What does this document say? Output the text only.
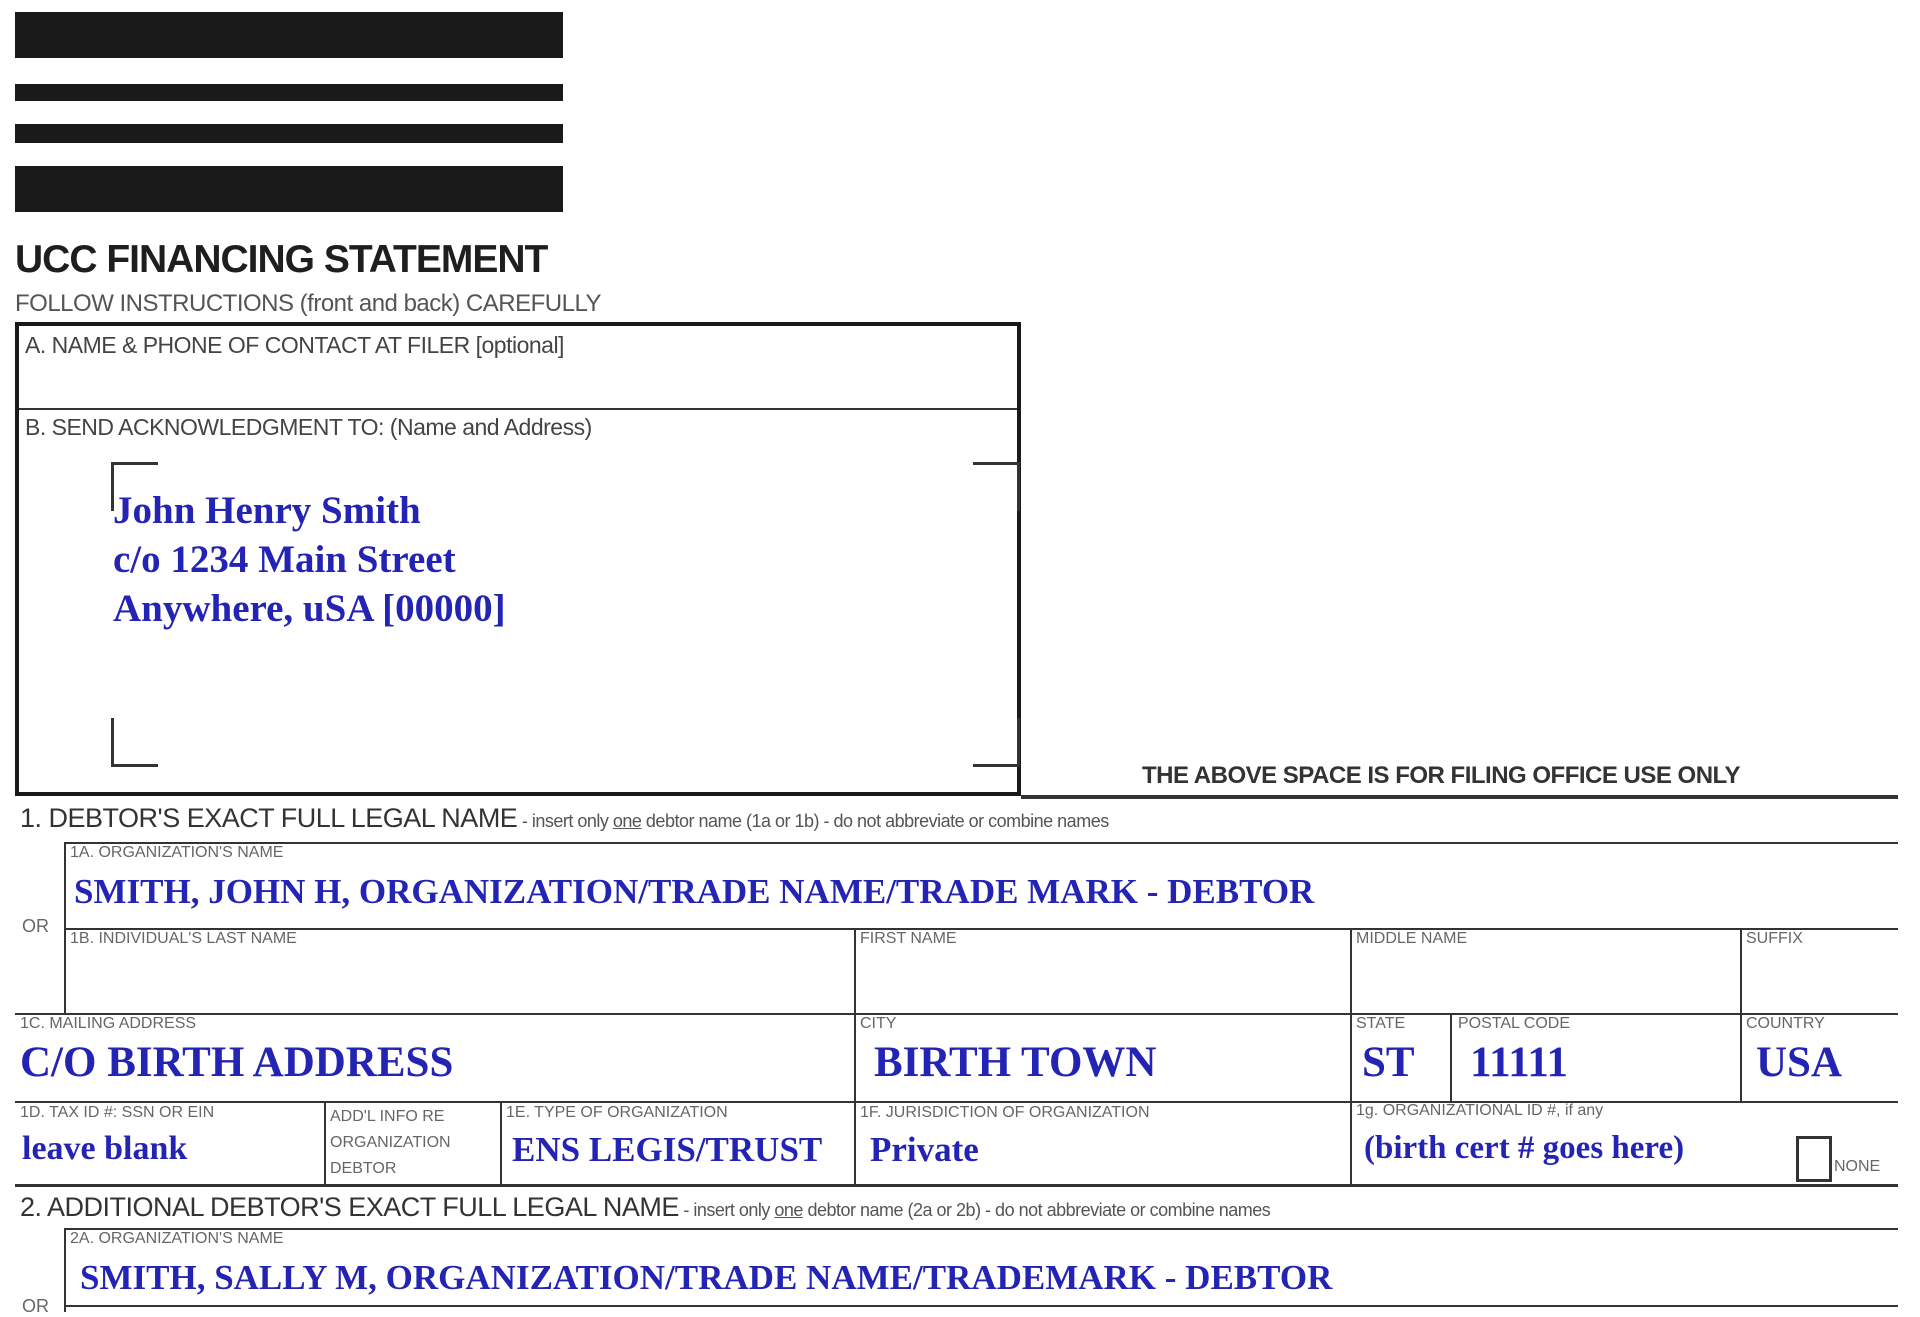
UCC FINANCING STATEMENT
FOLLOW INSTRUCTIONS (front and back) CAREFULLY
A. NAME & PHONE OF CONTACT AT FILER [optional]
B. SEND ACKNOWLEDGMENT TO: (Name and Address)
John Henry Smith
c/o 1234 Main Street
Anywhere, uSA [00000]
THE ABOVE SPACE IS FOR FILING OFFICE USE ONLY
1. DEBTOR'S EXACT FULL LEGAL NAME - insert only one debtor name (1a or 1b) - do not abbreviate or combine names
OR
1A. ORGANIZATION'S NAME
SMITH, JOHN H, ORGANIZATION/TRADE NAME/TRADE MARK - DEBTOR
1B. INDIVIDUAL'S LAST NAME	FIRST NAME	MIDDLE NAME	SUFFIX
1C. MAILING ADDRESS
C/O BIRTH ADDRESS
CITY
BIRTH TOWN
STATE
ST
POSTAL CODE
11111
COUNTRY
USA
1D. TAX ID #: SSN OR EIN
leave blank
ADD'L INFO RE
ORGANIZATION
DEBTOR
1E. TYPE OF ORGANIZATION
ENS LEGIS/TRUST
1F. JURISDICTION OF ORGANIZATION
Private
1g. ORGANIZATIONAL ID #, if any
(birth cert # goes here)
NONE
2. ADDITIONAL DEBTOR'S EXACT FULL LEGAL NAME - insert only one debtor name (2a or 2b) - do not abbreviate or combine names
2A. ORGANIZATION'S NAME
SMITH, SALLY M, ORGANIZATION/TRADE NAME/TRADEMARK - DEBTOR
OR
